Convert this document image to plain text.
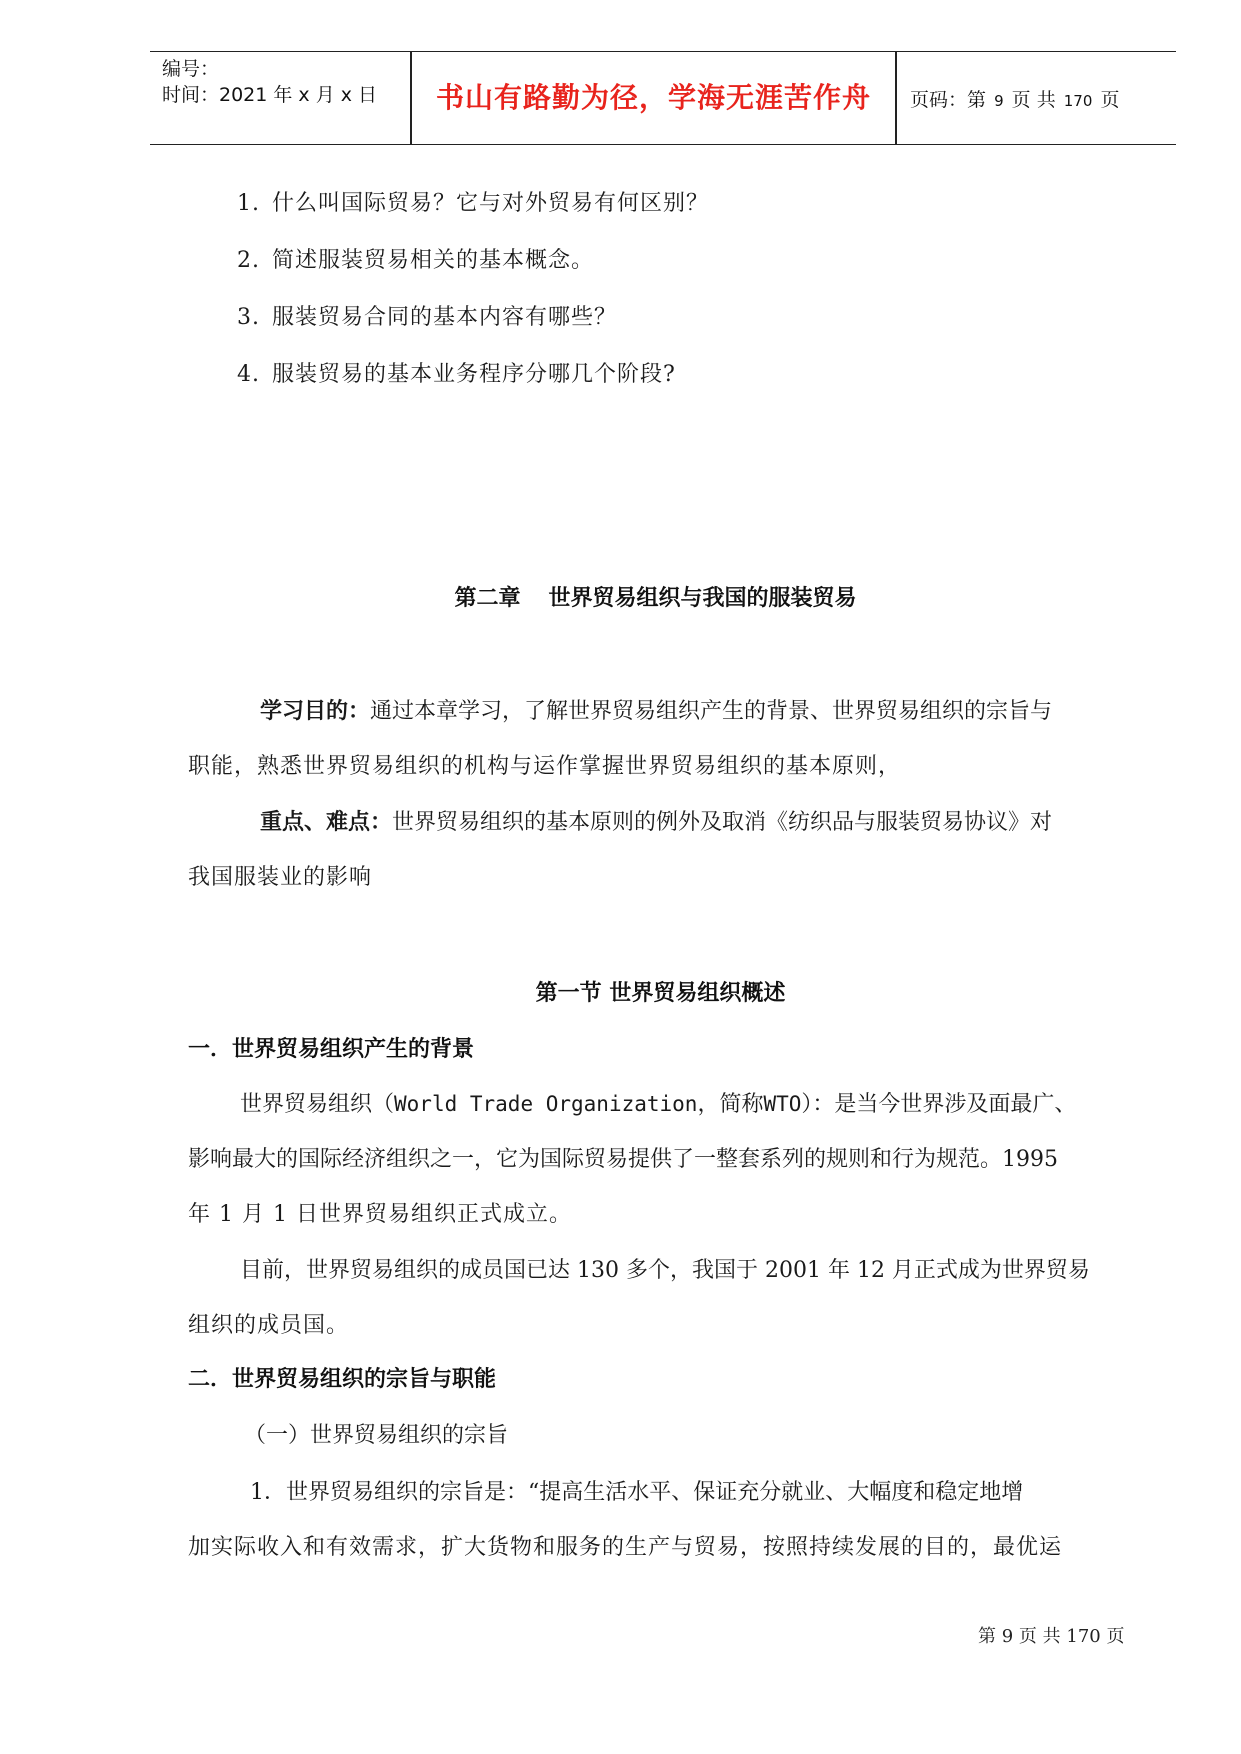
编号：
时间：2021 年 x 月 x 日	书山有路勤为径，学海无涯苦作舟	页码：第 9 页 共 170 页
1. 什么叫国际贸易？它与对外贸易有何区别？
2. 简述服装贸易相关的基本概念。
3. 服装贸易合同的基本内容有哪些？
4. 服装贸易的基本业务程序分哪几个阶段?
第二章 世界贸易组织与我国的服装贸易
学习目的：通过本章学习，了解世界贸易组织产生的背景、世界贸易组织的宗旨与
职能，熟悉世界贸易组织的机构与运作掌握世界贸易组织的基本原则，
重点、难点：世界贸易组织的基本原则的例外及取消《纺织品与服装贸易协议》对
我国服装业的影响
第一节 世界贸易组织概述
一．世界贸易组织产生的背景
世界贸易组织（World Trade Organization，简称WTO）：是当今世界涉及面最广、
影响最大的国际经济组织之一，它为国际贸易提供了一整套系列的规则和行为规范。1995
年 1 月 1 日世界贸易组织正式成立。
目前，世界贸易组织的成员国已达 130 多个，我国于 2001 年 12 月正式成为世界贸易
组织的成员国。
二．世界贸易组织的宗旨与职能
（一）世界贸易组织的宗旨
1．世界贸易组织的宗旨是：“提高生活水平、保证充分就业、大幅度和稳定地增
加实际收入和有效需求，扩大货物和服务的生产与贸易，按照持续发展的目的，最优运
第 9 页 共 170 页
